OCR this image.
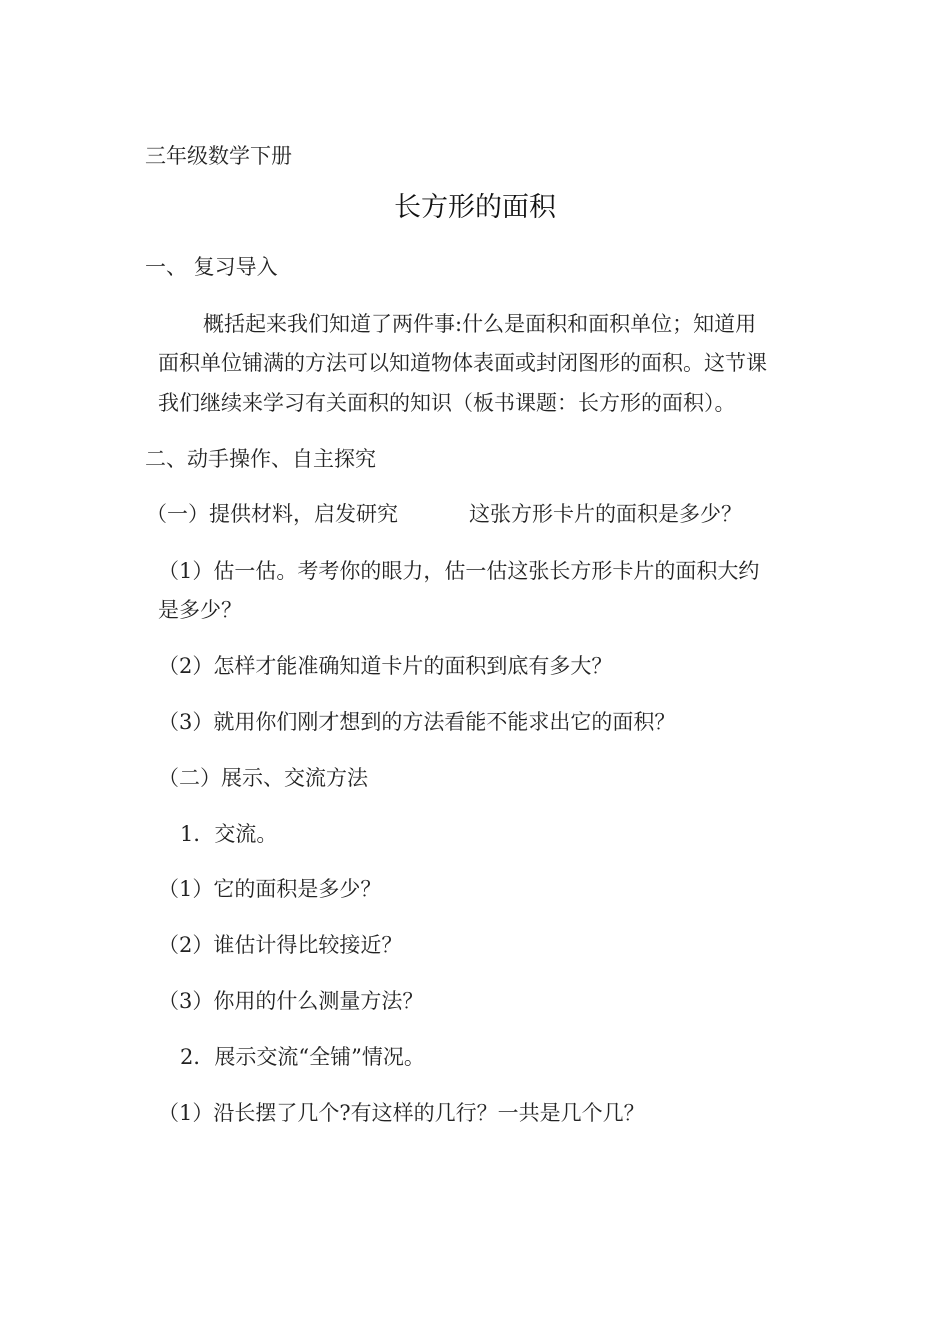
三年级数学下册
长方形的面积
一、 复习导入
概括起来我们知道了两件事:什么是面积和面积单位；知道用
面积单位铺满的方法可以知道物体表面或封闭图形的面积。这节课
我们继续来学习有关面积的知识（板书课题：长方形的面积）。
二、动手操作、自主探究
（一）提供材料，启发研究	这张方形卡片的面积是多少？
（1）估一估。考考你的眼力，估一估这张长方形卡片的面积大约
是多少？
（2）怎样才能准确知道卡片的面积到底有多大？
（3）就用你们刚才想到的方法看能不能求出它的面积？
（二）展示、交流方法
1．交流。
（1）它的面积是多少？
（2）谁估计得比较接近？
（3）你用的什么测量方法？
2．展示交流“全铺”情况。
（1）沿长摆了几个?有这样的几行？一共是几个几？
